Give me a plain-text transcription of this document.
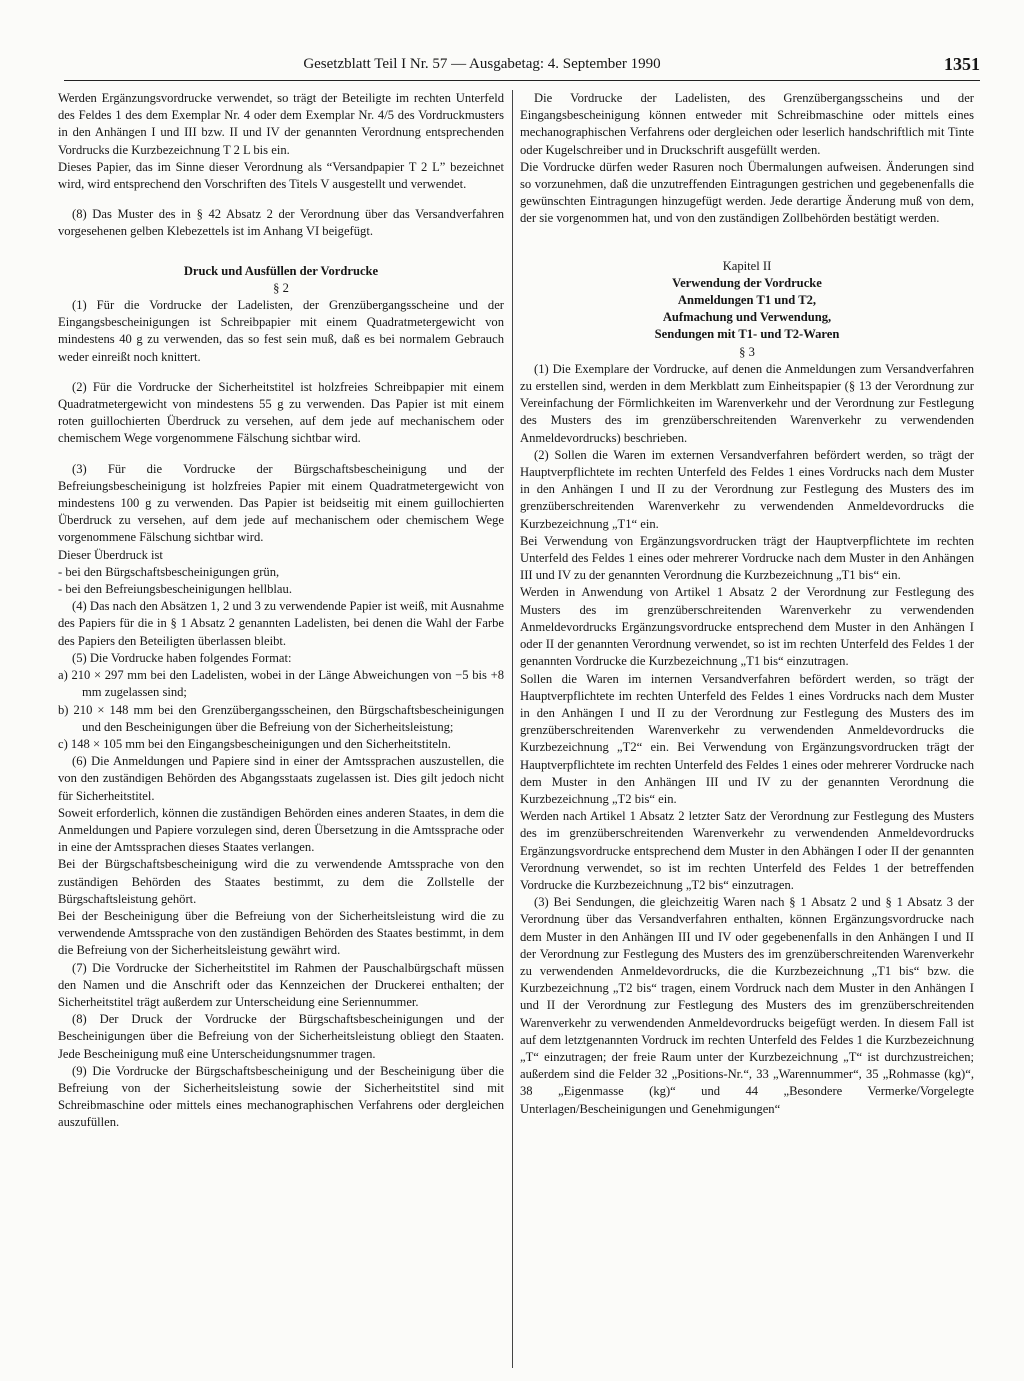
Gesetzblatt Teil I Nr. 57 — Ausgabetag: 4. September 1990	1351

Werden Ergänzungsvordrucke verwendet, so trägt der Beteiligte im rechten Unterfeld des Feldes 1 des dem Exemplar Nr. 4 oder dem Exemplar Nr. 4/5 des Vordruckmusters in den Anhängen I und III bzw. II und IV der genannten Verordnung entsprechenden Vordrucks die Kurzbezeichnung T 2 L bis ein.

Dieses Papier, das im Sinne dieser Verordnung als “Versandpapier T 2 L” bezeichnet wird, wird entsprechend den Vorschriften des Titels V ausgestellt und verwendet.

(8) Das Muster des in § 42 Absatz 2 der Verordnung über das Versandverfahren vorgesehenen gelben Klebezettels ist im Anhang VI beigefügt.

Druck und Ausfüllen der Vordrucke

§ 2

(1) Für die Vordrucke der Ladelisten, der Grenzübergangsscheine und der Eingangsbescheinigungen ist Schreibpapier mit einem Quadratmetergewicht von mindestens 40 g zu verwenden, das so fest sein muß, daß es bei normalem Gebrauch weder einreißt noch knittert.

(2) Für die Vordrucke der Sicherheitstitel ist holzfreies Schreibpapier mit einem Quadratmetergewicht von mindestens 55 g zu verwenden. Das Papier ist mit einem roten guillochierten Überdruck zu versehen, auf dem jede auf mechanischem oder chemischem Wege vorgenommene Fälschung sichtbar wird.

(3) Für die Vordrucke der Bürgschaftsbescheinigung und der Befreiungsbescheinigung ist holzfreies Papier mit einem Quadratmetergewicht von mindestens 100 g zu verwenden. Das Papier ist beidseitig mit einem guillochierten Überdruck zu versehen, auf dem jede auf mechanischem oder chemischem Wege vorgenommene Fälschung sichtbar wird.

Dieser Überdruck ist

- bei den Bürgschaftsbescheinigungen grün,

- bei den Befreiungsbescheinigungen hellblau.

(4) Das nach den Absätzen 1, 2 und 3 zu verwendende Papier ist weiß, mit Ausnahme des Papiers für die in § 1 Absatz 2 genannten Ladelisten, bei denen die Wahl der Farbe des Papiers den Beteiligten überlassen bleibt.

(5) Die Vordrucke haben folgendes Format:

a) 210 × 297 mm bei den Ladelisten, wobei in der Länge Abweichungen von −5 bis +8 mm zugelassen sind;

b) 210 × 148 mm bei den Grenzübergangsscheinen, den Bürgschaftsbescheinigungen und den Bescheinigungen über die Befreiung von der Sicherheitsleistung;

c) 148 × 105 mm bei den Eingangsbescheinigungen und den Sicherheitstiteln.

(6) Die Anmeldungen und Papiere sind in einer der Amtssprachen auszustellen, die von den zuständigen Behörden des Abgangsstaats zugelassen ist. Dies gilt jedoch nicht für Sicherheitstitel.

Soweit erforderlich, können die zuständigen Behörden eines anderen Staates, in dem die Anmeldungen und Papiere vorzulegen sind, deren Übersetzung in die Amtssprache oder in eine der Amtssprachen dieses Staates verlangen.

Bei der Bürgschaftsbescheinigung wird die zu verwendende Amtssprache von den zuständigen Behörden des Staates bestimmt, zu dem die Zollstelle der Bürgschaftsleistung gehört.

Bei der Bescheinigung über die Befreiung von der Sicherheitsleistung wird die zu verwendende Amtssprache von den zuständigen Behörden des Staates bestimmt, in dem die Befreiung von der Sicherheitsleistung gewährt wird.

(7) Die Vordrucke der Sicherheitstitel im Rahmen der Pauschalbürgschaft müssen den Namen und die Anschrift oder das Kennzeichen der Druckerei enthalten; der Sicherheitstitel trägt außerdem zur Unterscheidung eine Seriennummer.

(8) Der Druck der Vordrucke der Bürgschaftsbescheinigungen und der Bescheinigungen über die Befreiung von der Sicherheitsleistung obliegt den Staaten. Jede Bescheinigung muß eine Unterscheidungsnummer tragen.

(9) Die Vordrucke der Bürgschaftsbescheinigung und der Bescheinigung über die Befreiung von der Sicherheitsleistung sowie der Sicherheitstitel sind mit Schreibmaschine oder mittels eines mechanographischen Verfahrens oder dergleichen auszufüllen.

Die Vordrucke der Ladelisten, des Grenzübergangsscheins und der Eingangsbescheinigung können entweder mit Schreibmaschine oder mittels eines mechanographischen Verfahrens oder dergleichen oder leserlich handschriftlich mit Tinte oder Kugelschreiber und in Druckschrift ausgefüllt werden.

Die Vordrucke dürfen weder Rasuren noch Übermalungen aufweisen. Änderungen sind so vorzunehmen, daß die unzutreffenden Eintragungen gestrichen und gegebenenfalls die gewünschten Eintragungen hinzugefügt werden. Jede derartige Änderung muß von dem, der sie vorgenommen hat, und von den zuständigen Zollbehörden bestätigt werden.

Kapitel II

Verwendung der Vordrucke

Anmeldungen T1 und T2,

Aufmachung und Verwendung,

Sendungen mit T1- und T2-Waren

§ 3

(1) Die Exemplare der Vordrucke, auf denen die Anmeldungen zum Versandverfahren zu erstellen sind, werden in dem Merkblatt zum Einheitspapier (§ 13 der Verordnung zur Vereinfachung der Förmlichkeiten im Warenverkehr und der Verordnung zur Festlegung des Musters des im grenzüberschreitenden Warenverkehr zu verwendenden Anmeldevordrucks) beschrieben.

(2) Sollen die Waren im externen Versandverfahren befördert werden, so trägt der Hauptverpflichtete im rechten Unterfeld des Feldes 1 eines Vordrucks nach dem Muster in den Anhängen I und II zu der Verordnung zur Festlegung des Musters des im grenzüberschreitenden Warenverkehr zu verwendenden Anmeldevordrucks die Kurzbezeichnung „T1“ ein.

Bei Verwendung von Ergänzungsvordrucken trägt der Hauptverpflichtete im rechten Unterfeld des Feldes 1 eines oder mehrerer Vordrucke nach dem Muster in den Anhängen III und IV zu der genannten Verordnung die Kurzbezeichnung „T1 bis“ ein.

Werden in Anwendung von Artikel 1 Absatz 2 der Verordnung zur Festlegung des Musters des im grenzüberschreitenden Warenverkehr zu verwendenden Anmeldevordrucks Ergänzungsvordrucke entsprechend dem Muster in den Anhängen I oder II der genannten Verordnung verwendet, so ist im rechten Unterfeld des Feldes 1 der genannten Vordrucke die Kurzbezeichnung „T1 bis“ einzutragen.

Sollen die Waren im internen Versandverfahren befördert werden, so trägt der Hauptverpflichtete im rechten Unterfeld des Feldes 1 eines Vordrucks nach dem Muster in den Anhängen I und II zu der Verordnung zur Festlegung des Musters des im grenzüberschreitenden Warenverkehr zu verwendenden Anmeldevordrucks die Kurzbezeichnung „T2“ ein. Bei Verwendung von Ergänzungsvordrucken trägt der Hauptverpflichtete im rechten Unterfeld des Feldes 1 eines oder mehrerer Vordrucke nach dem Muster in den Anhängen III und IV zu der genannten Verordnung die Kurzbezeichnung „T2 bis“ ein.

Werden nach Artikel 1 Absatz 2 letzter Satz der Verordnung zur Festlegung des Musters des im grenzüberschreitenden Warenverkehr zu verwendenden Anmeldevordrucks Ergänzungsvordrucke entsprechend dem Muster in den Abhängen I oder II der genannten Verordnung verwendet, so ist im rechten Unterfeld des Feldes 1 der betreffenden Vordrucke die Kurzbezeichnung „T2 bis“ einzutragen.

(3) Bei Sendungen, die gleichzeitig Waren nach § 1 Absatz 2 und § 1 Absatz 3 der Verordnung über das Versandverfahren enthalten, können Ergänzungsvordrucke nach dem Muster in den Anhängen III und IV oder gegebenenfalls in den Anhängen I und II der Verordnung zur Festlegung des Musters des im grenzüberschreitenden Warenverkehr zu verwendenden Anmeldevordrucks, die die Kurzbezeichnung „T1 bis“ bzw. die Kurzbezeichnung „T2 bis“ tragen, einem Vordruck nach dem Muster in den Anhängen I und II der Verordnung zur Festlegung des Musters des im grenzüberschreitenden Warenverkehr zu verwendenden Anmeldevordrucks beigefügt werden. In diesem Fall ist auf dem letztgenannten Vordruck im rechten Unterfeld des Feldes 1 die Kurzbezeichnung „T“ einzutragen; der freie Raum unter der Kurzbezeichnung „T“ ist durchzustreichen; außerdem sind die Felder 32 „Positions-Nr.“, 33 „Warennummer“, 35 „Rohmasse (kg)“, 38 „Eigenmasse (kg)“ und 44 „Besondere Vermerke/Vorgelegte Unterlagen/Bescheinigungen und Genehmigungen“
